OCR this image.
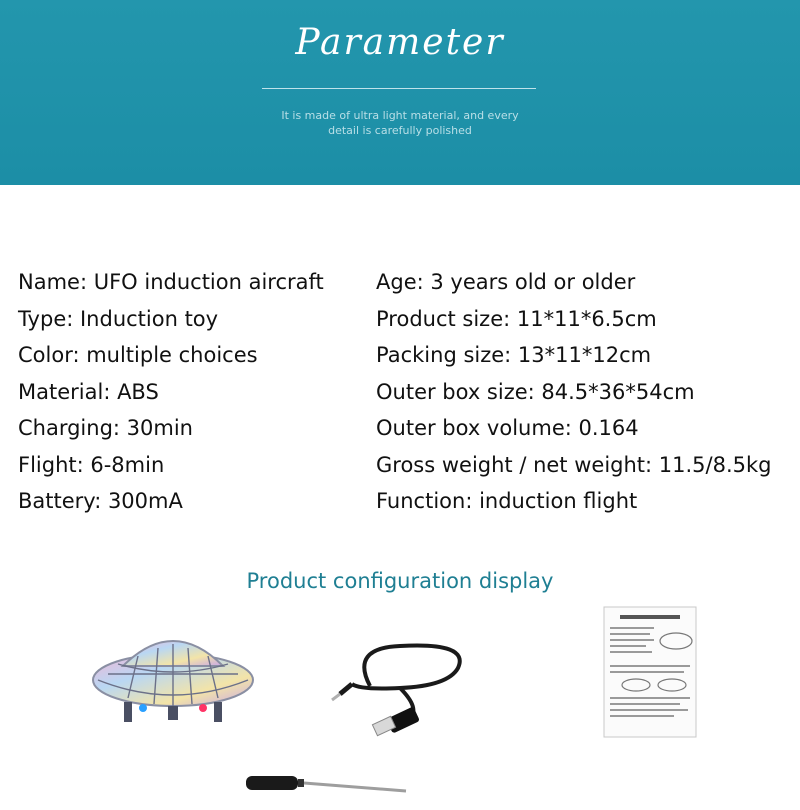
Parameter
It is made of ultra light material, and every
detail is carefully polished
Name: UFO induction aircraft
Type: Induction toy
Color: multiple choices
Material: ABS
Charging: 30min
Flight: 6-8min
Battery: 300mA
Age: 3 years old or older
Product size: 11*11*6.5cm
Packing size: 13*11*12cm
Outer box size: 84.5*36*54cm
Outer box volume: 0.164
Gross weight / net weight: 11.5/8.5kg
Function: induction flight
Product configuration display
